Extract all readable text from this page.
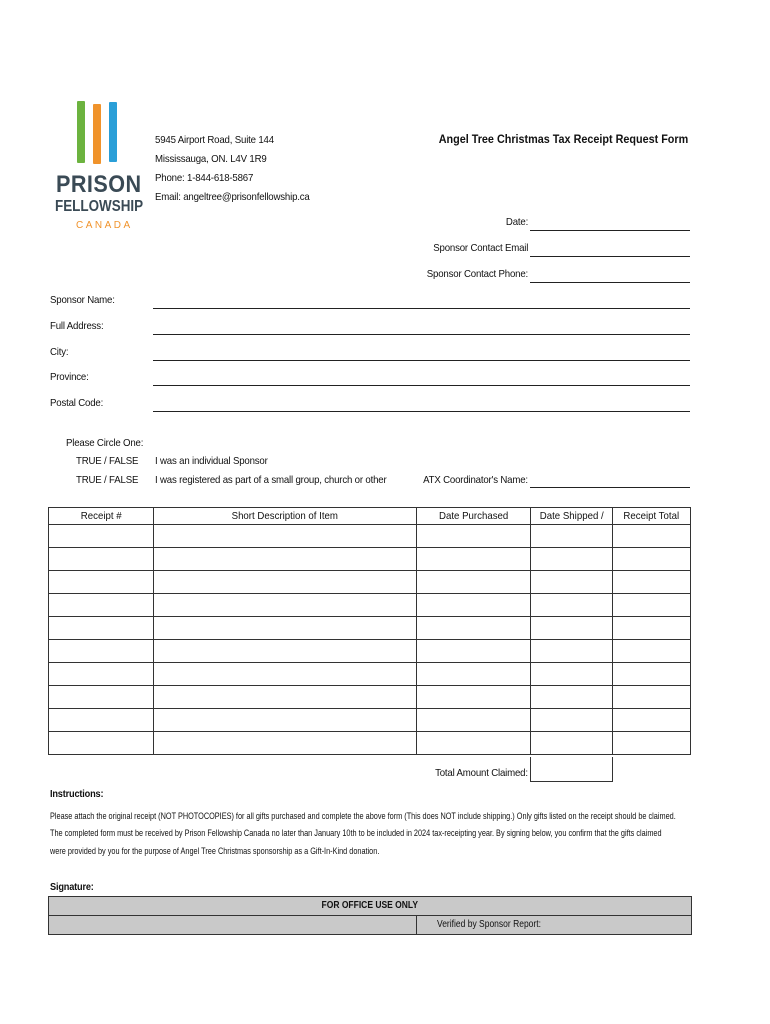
PRISON
FELLOWSHIP
CANADA
5945 Airport Road, Suite 144
Mississauga, ON. L4V 1R9
Phone: 1-844-618-5867
Email: angeltree@prisonfellowship.ca
Angel Tree Christmas Tax Receipt Request Form
Date:
Sponsor Contact Email
Sponsor Contact Phone:
Sponsor Name:
Full Address:
City:
Province:
Postal Code:
Please Circle One:
TRUE / FALSE I was an individual Sponsor
TRUE / FALSE I was registered as part of a small group, church or other	ATX Coordinator's Name:
Receipt #	Short Description of Item	Date Purchased	Date Shipped /	Receipt Total

Total Amount Claimed:
Instructions:
Please attach the original receipt (NOT PHOTOCOPIES) for all gifts purchased and complete the above form (This does NOT include shipping.) Only gifts listed on the receipt should be claimed.
The completed form must be received by Prison Fellowship Canada no later than January 10th to be included in 2024 tax-receipting year. By signing below, you confirm that the gifts claimed
were provided by you for the purpose of Angel Tree Christmas sponsorship as a Gift-In-Kind donation.
Signature:
FOR OFFICE USE ONLY
Verified by Sponsor Report:
